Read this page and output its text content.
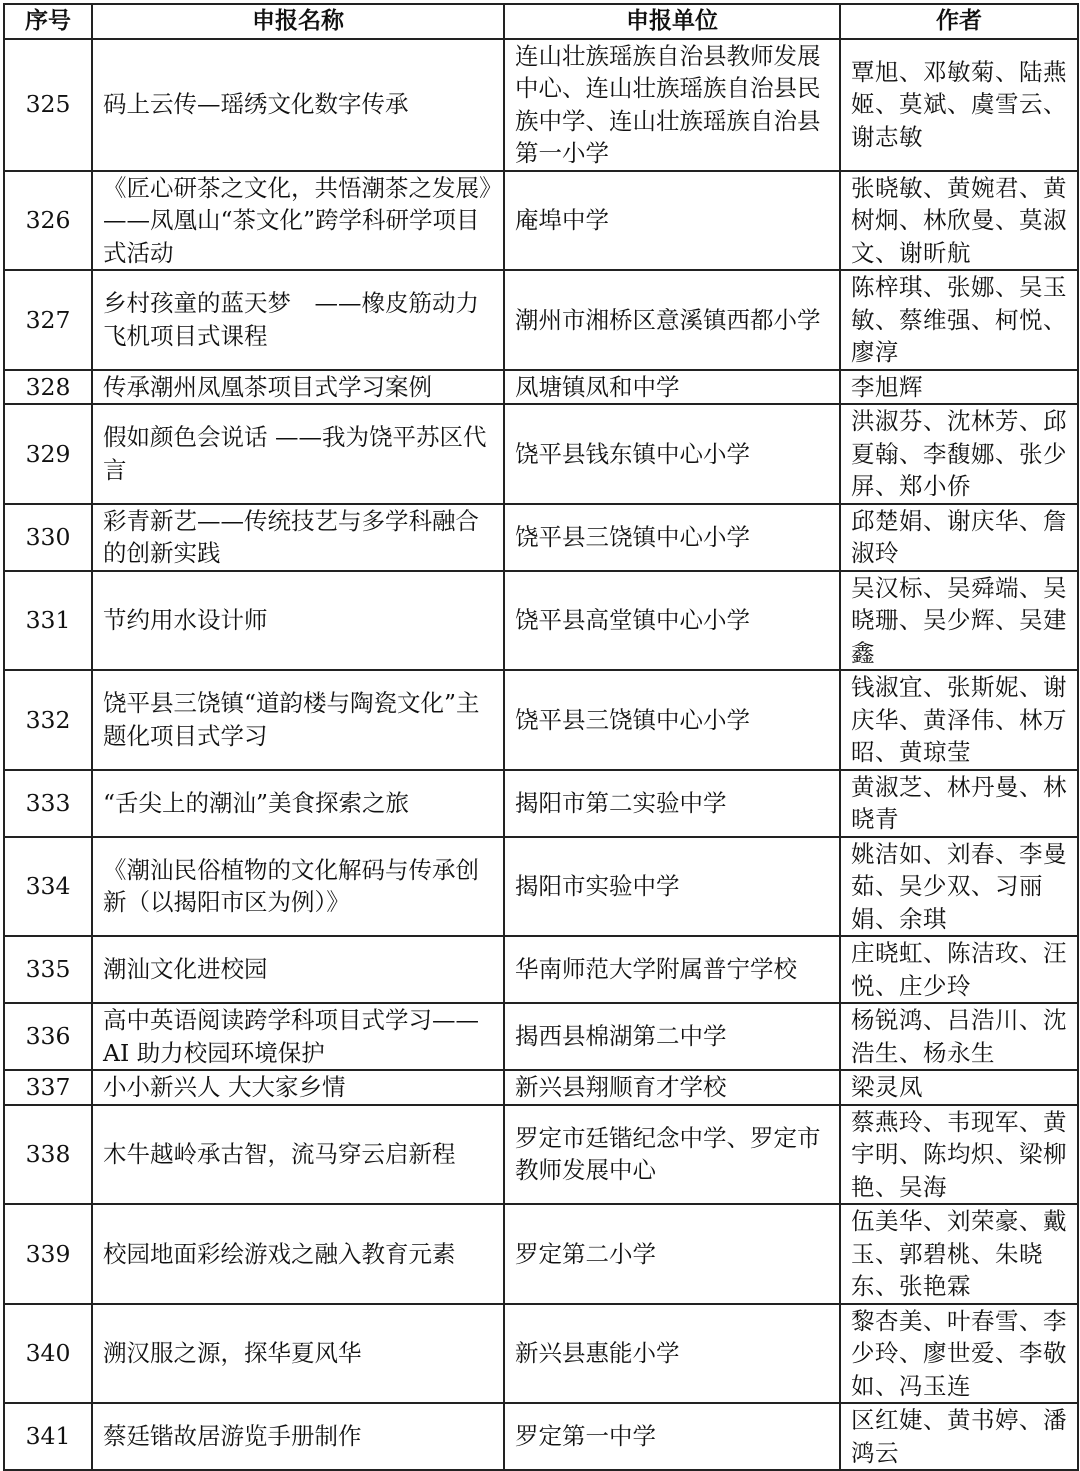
序号	申报名称	申报单位	作者
325	码上云传—瑶绣文化数字传承	连山壮族瑶族自治县教师发展中心、连山壮族瑶族自治县民族中学、连山壮族瑶族自治县第一小学	覃旭、邓敏菊、陆燕姬、莫斌、虞雪云、谢志敏
326	《匠心研茶之文化，共悟潮茶之发展》——凤凰山“茶文化”跨学科研学项目式活动	庵埠中学	张晓敏、黄婉君、黄树炯、林欣曼、莫淑文、谢昕航
327	乡村孩童的蓝天梦　——橡皮筋动力飞机项目式课程	潮州市湘桥区意溪镇西都小学	陈梓琪、张娜、吴玉敏、蔡维强、柯悦、廖淳
328	传承潮州凤凰茶项目式学习案例	凤塘镇凤和中学	李旭辉
329	假如颜色会说话 ——我为饶平苏区代言	饶平县钱东镇中心小学	洪淑芬、沈林芳、邱夏翰、李馥娜、张少屏、郑小侨
330	彩青新艺——传统技艺与多学科融合的创新实践	饶平县三饶镇中心小学	邱楚娟、谢庆华、詹淑玲
331	节约用水设计师	饶平县高堂镇中心小学	吴汉标、吴舜端、吴晓珊、吴少辉、吴建鑫
332	饶平县三饶镇“道韵楼与陶瓷文化”主题化项目式学习	饶平县三饶镇中心小学	钱淑宜、张斯妮、谢庆华、黄泽伟、林万昭、黄琼莹
333	“舌尖上的潮汕”美食探索之旅	揭阳市第二实验中学	黄淑芝、林丹曼、林晓青
334	《潮汕民俗植物的文化解码与传承创新（以揭阳市区为例）》	揭阳市实验中学	姚洁如、刘春、李曼茹、吴少双、习丽娟、余琪
335	潮汕文化进校园	华南师范大学附属普宁学校	庄晓虹、陈洁玫、汪悦、庄少玲
336	高中英语阅读跨学科项目式学习——AI 助力校园环境保护	揭西县棉湖第二中学	杨锐鸿、吕浩川、沈浩生、杨永生
337	小小新兴人 大大家乡情	新兴县翔顺育才学校	梁灵凤
338	木牛越岭承古智，流马穿云启新程	罗定市廷锴纪念中学、罗定市教师发展中心	蔡燕玲、韦现军、黄宇明、陈均炽、梁柳艳、吴海
339	校园地面彩绘游戏之融入教育元素	罗定第二小学	伍美华、刘荣豪、戴玉、郭碧桃、朱晓东、张艳霖
340	溯汉服之源，探华夏风华	新兴县惠能小学	黎杏美、叶春雪、李少玲、廖世爱、李敬如、冯玉连
341	蔡廷锴故居游览手册制作	罗定第一中学	区红婕、黄书婷、潘鸿云
